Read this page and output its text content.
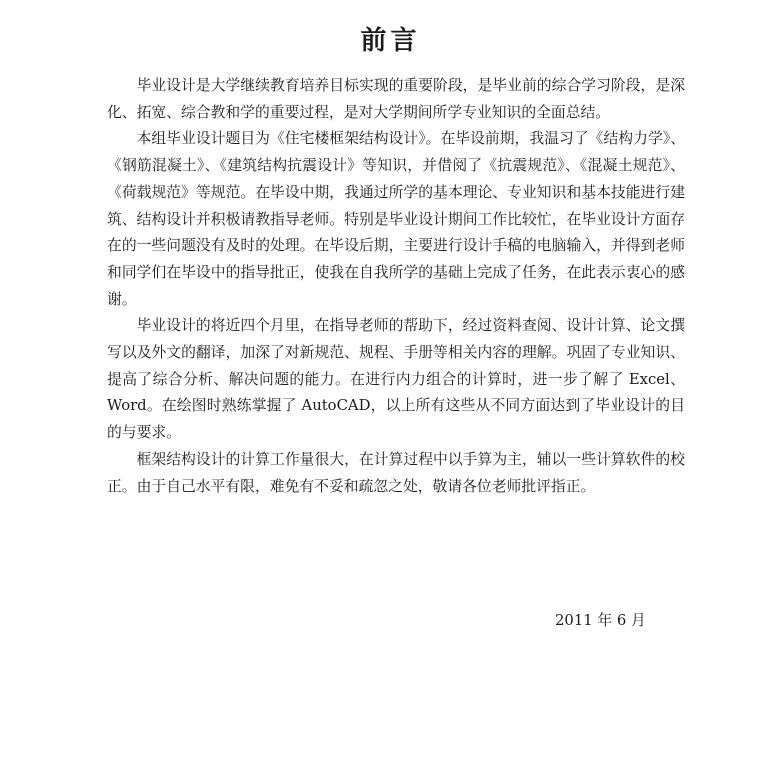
前言

毕业设计是大学继续教育培养目标实现的重要阶段，是毕业前的综合学习阶段，是深化、拓宽、综合教和学的重要过程，是对大学期间所学专业知识的全面总结。

本组毕业设计题目为《住宅楼框架结构设计》。在毕设前期，我温习了《结构力学》、《钢筋混凝土》、《建筑结构抗震设计》等知识，并借阅了《抗震规范》、《混凝土规范》、《荷载规范》等规范。在毕设中期，我通过所学的基本理论、专业知识和基本技能进行建筑、结构设计并积极请教指导老师。特别是毕业设计期间工作比较忙，在毕业设计方面存在的一些问题没有及时的处理。在毕设后期，主要进行设计手稿的电脑输入，并得到老师和同学们在毕设中的指导批正，使我在自我所学的基础上完成了任务，在此表示衷心的感谢。

毕业设计的将近四个月里，在指导老师的帮助下，经过资料查阅、设计计算、论文撰写以及外文的翻译，加深了对新规范、规程、手册等相关内容的理解。巩固了专业知识、提高了综合分析、解决问题的能力。在进行内力组合的计算时，进一步了解了 Excel、Word。在绘图时熟练掌握了 AutoCAD，以上所有这些从不同方面达到了毕业设计的目的与要求。

框架结构设计的计算工作量很大，在计算过程中以手算为主，辅以一些计算软件的校正。由于自己水平有限，难免有不妥和疏忽之处，敬请各位老师批评指正。

2011 年 6 月
